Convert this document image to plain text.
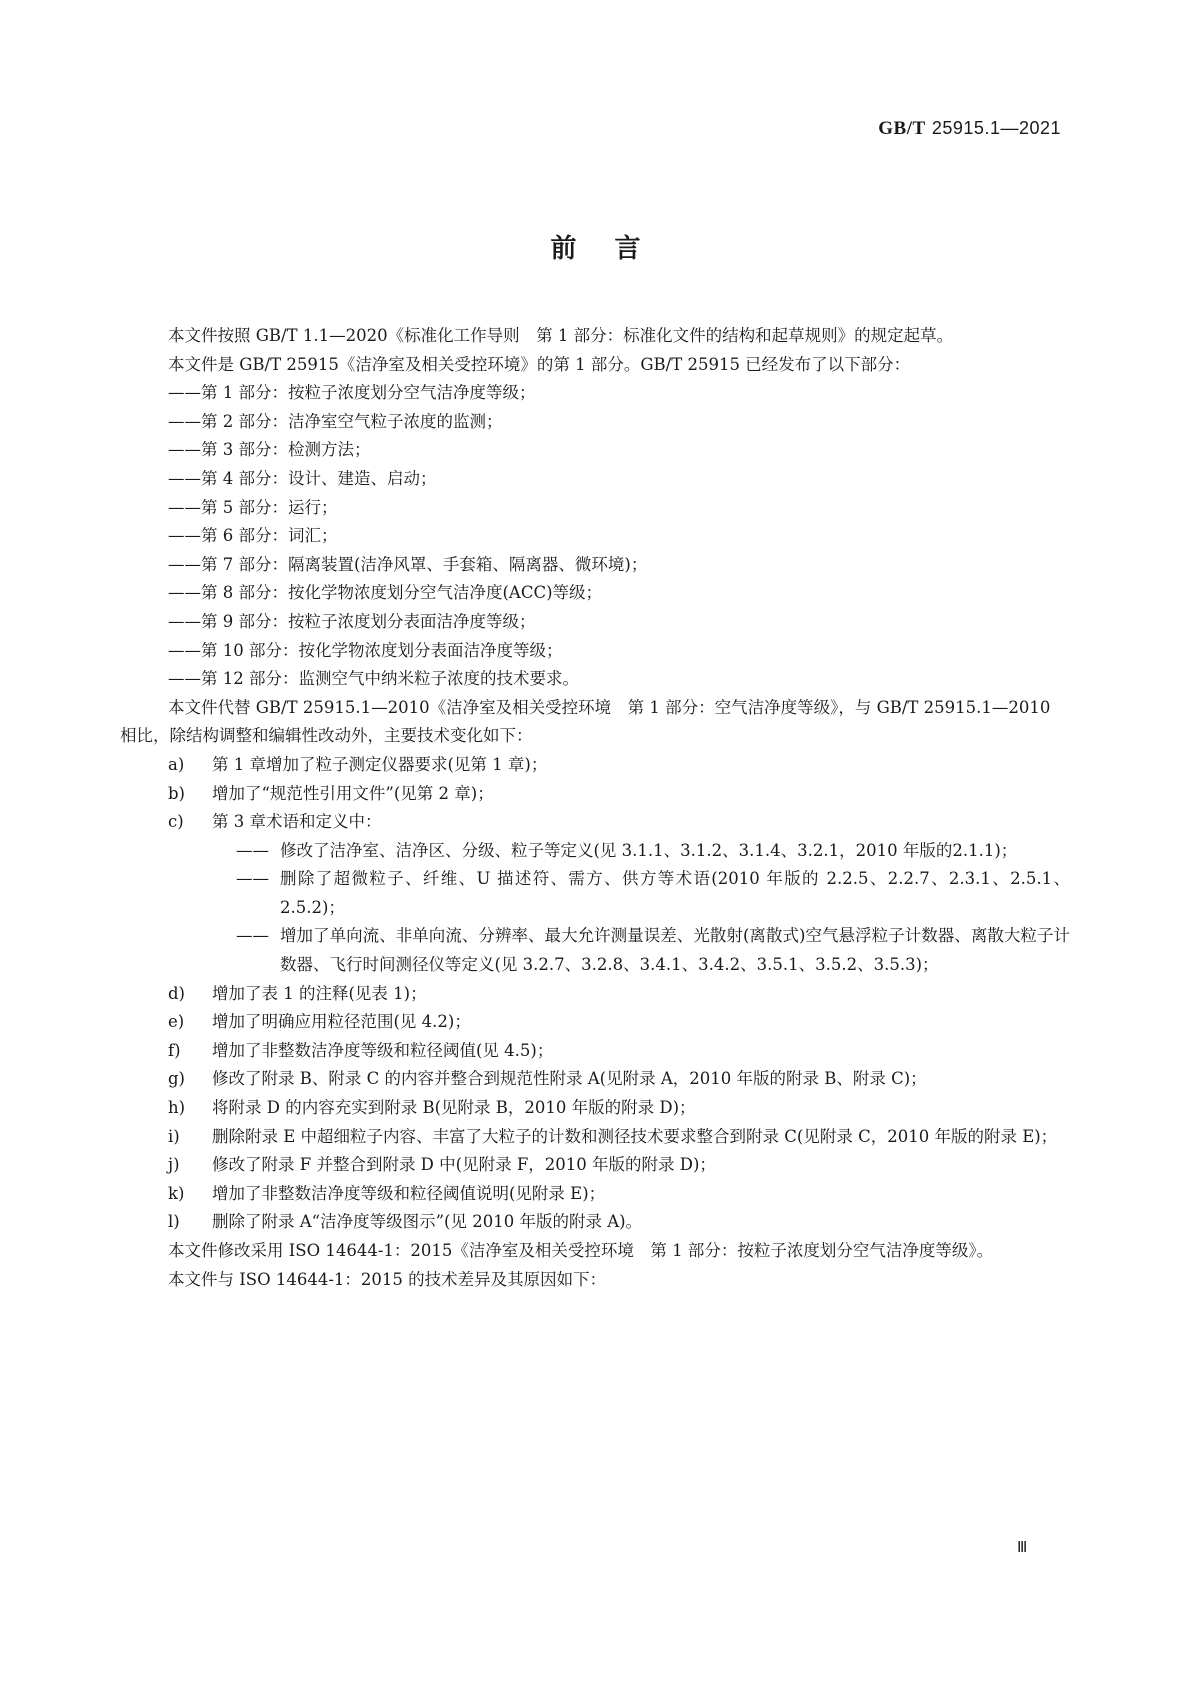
GB/T 25915.1—2021
前言

本文件按照 GB/T 1.1—2020《标准化工作导则　第 1 部分：标准化文件的结构和起草规则》的规定起草。

本文件是 GB/T 25915《洁净室及相关受控环境》的第 1 部分。GB/T 25915 已经发布了以下部分：

——第 1 部分：按粒子浓度划分空气洁净度等级；
——第 2 部分：洁净室空气粒子浓度的监测；
——第 3 部分：检测方法；
——第 4 部分：设计、建造、启动；
——第 5 部分：运行；
——第 6 部分：词汇；
——第 7 部分：隔离装置(洁净风罩、手套箱、隔离器、微环境)；
——第 8 部分：按化学物浓度划分空气洁净度(ACC)等级；
——第 9 部分：按粒子浓度划分表面洁净度等级；
——第 10 部分：按化学物浓度划分表面洁净度等级；
——第 12 部分：监测空气中纳米粒子浓度的技术要求。

本文件代替 GB/T 25915.1—2010《洁净室及相关受控环境　第 1 部分：空气洁净度等级》，与 GB/T 25915.1—2010 相比，除结构调整和编辑性改动外，主要技术变化如下：

a)	第 1 章增加了粒子测定仪器要求(见第 1 章)；
b)	增加了“规范性引用文件”(见第 2 章)；
c)	第 3 章术语和定义中：
—— 修改了洁净室、洁净区、分级、粒子等定义(见 3.1.1、3.1.2、3.1.4、3.2.1，2010 年版的2.1.1)；
—— 删除了超微粒子、纤维、U 描述符、需方、供方等术语(2010 年版的 2.2.5、2.2.7、2.3.1、2.5.1、2.5.2)；
—— 增加了单向流、非单向流、分辨率、最大允许测量误差、光散射(离散式)空气悬浮粒子计数器、离散大粒子计数器、飞行时间测径仪等定义(见 3.2.7、3.2.8、3.4.1、3.4.2、3.5.1、3.5.2、3.5.3)；
d)	增加了表 1 的注释(见表 1)；
e)	增加了明确应用粒径范围(见 4.2)；
f)	增加了非整数洁净度等级和粒径阈值(见 4.5)；
g)	修改了附录 B、附录 C 的内容并整合到规范性附录 A(见附录 A，2010 年版的附录 B、附录 C)；
h)	将附录 D 的内容充实到附录 B(见附录 B，2010 年版的附录 D)；
i)	删除附录 E 中超细粒子内容、丰富了大粒子的计数和测径技术要求整合到附录 C(见附录 C，2010 年版的附录 E)；
j)	修改了附录 F 并整合到附录 D 中(见附录 F，2010 年版的附录 D)；
k)	增加了非整数洁净度等级和粒径阈值说明(见附录 E)；
l)	删除了附录 A“洁净度等级图示”(见 2010 年版的附录 A)。

本文件修改采用 ISO 14644-1：2015《洁净室及相关受控环境　第 1 部分：按粒子浓度划分空气洁净度等级》。

本文件与 ISO 14644-1：2015 的技术差异及其原因如下：

Ⅲ
